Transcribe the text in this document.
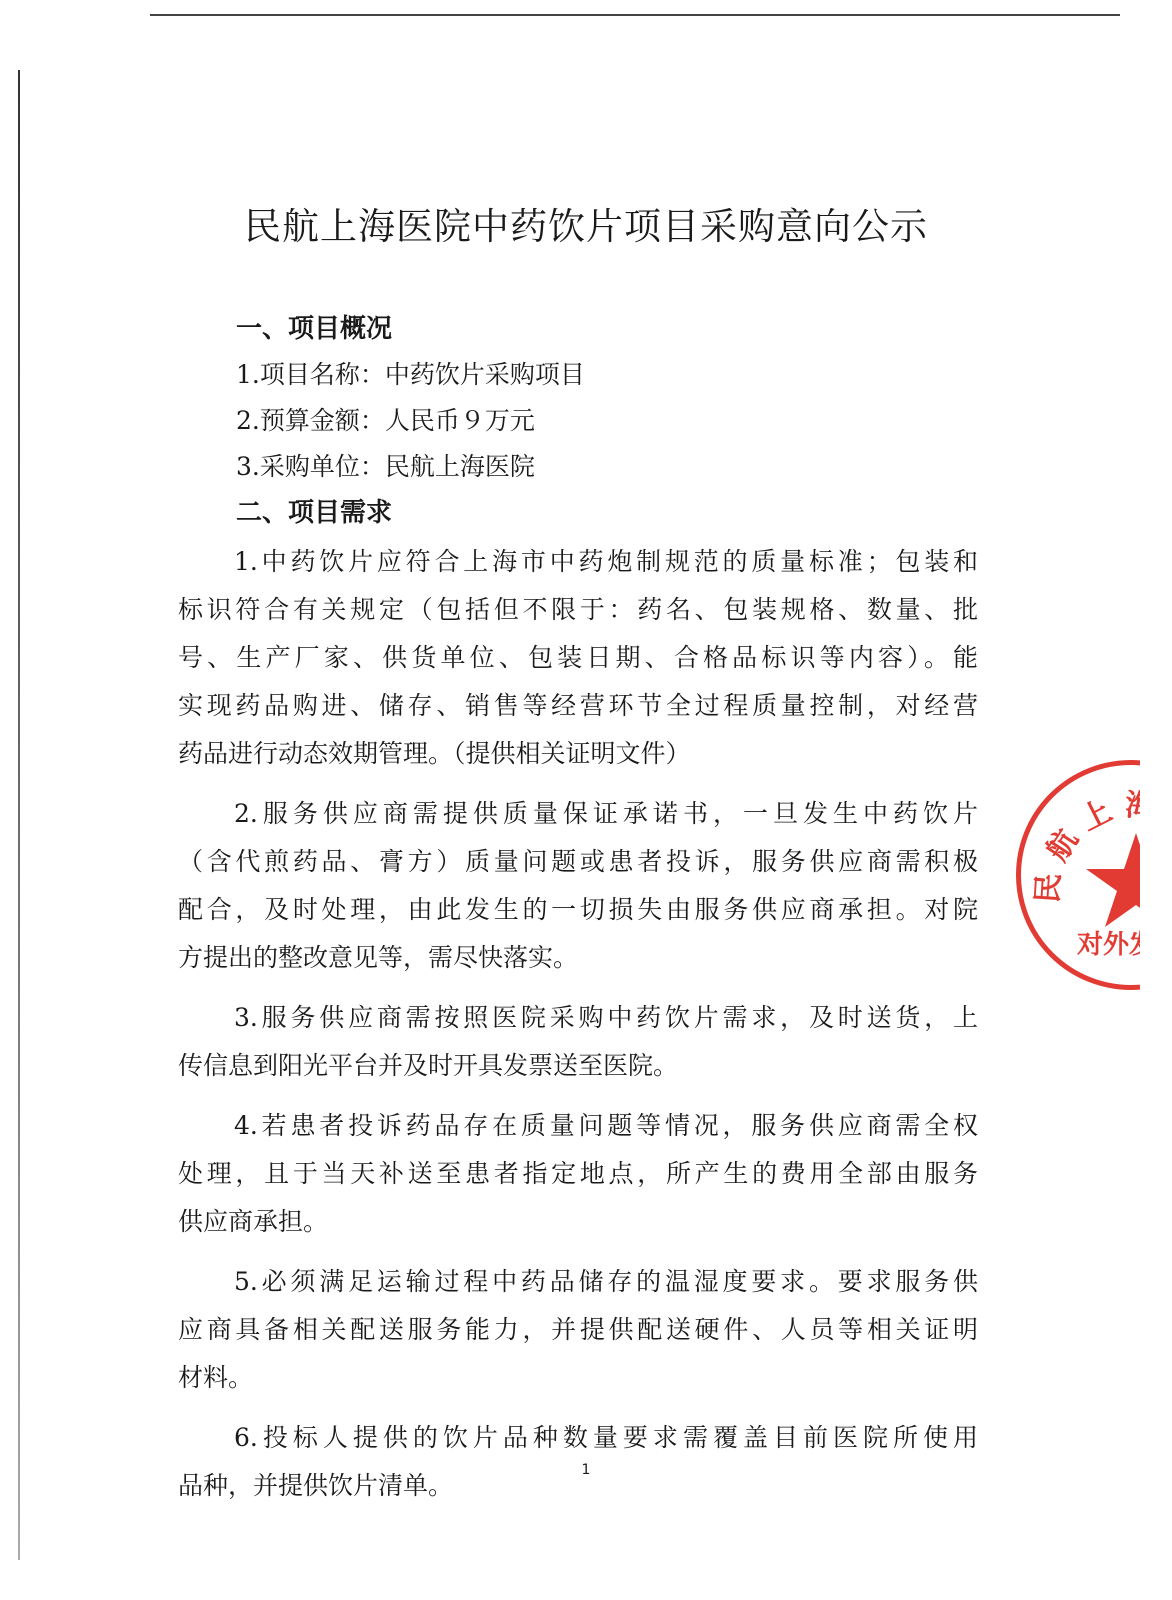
民航上海医院中药饮片项目采购意向公示
一、项目概况
1.项目名称：中药饮片采购项目
2.预算金额：人民币９万元
3.采购单位：民航上海医院
二、项目需求
1.中药饮片应符合上海市中药炮制规范的质量标准；包装和
标识符合有关规定（包括但不限于：药名、包装规格、数量、批
号、生产厂家、供货单位、包装日期、合格品标识等内容）。能
实现药品购进、储存、销售等经营环节全过程质量控制，对经营
药品进行动态效期管理。（提供相关证明文件）
2.服务供应商需提供质量保证承诺书，一旦发生中药饮片
（含代煎药品、膏方）质量问题或患者投诉，服务供应商需积极
配合，及时处理，由此发生的一切损失由服务供应商承担。对院
方提出的整改意见等，需尽快落实。
3.服务供应商需按照医院采购中药饮片需求，及时送货，上
传信息到阳光平台并及时开具发票送至医院。
4.若患者投诉药品存在质量问题等情况，服务供应商需全权
处理，且于当天补送至患者指定地点，所产生的费用全部由服务
供应商承担。
5.必须满足运输过程中药品储存的温湿度要求。要求服务供
应商具备相关配送服务能力，并提供配送硬件、人员等相关证明
材料。
6.投标人提供的饮片品种数量要求需覆盖目前医院所使用
品种，并提供饮片清单。
1
民 航 上 海
对外发
